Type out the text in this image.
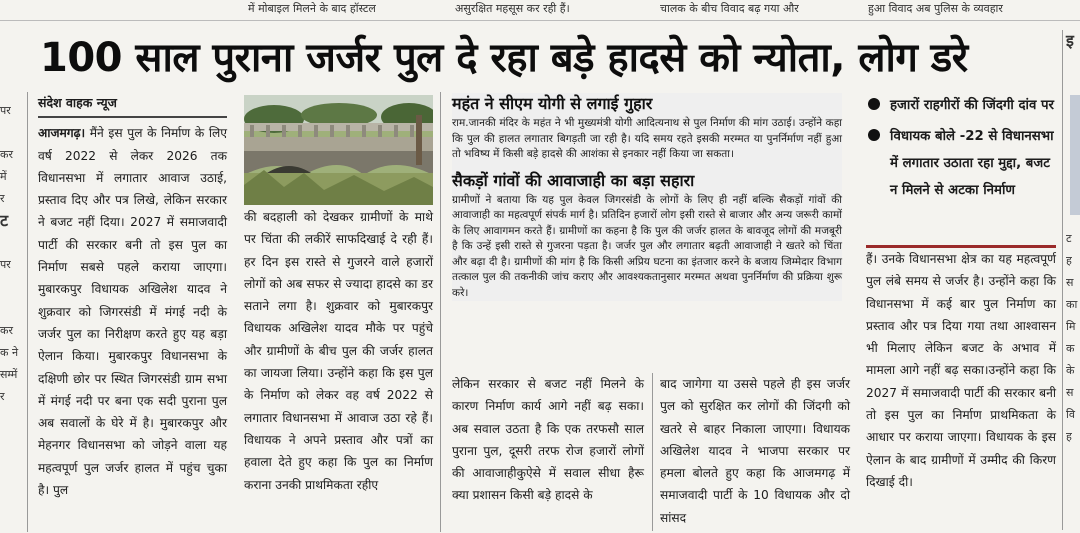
में मोबाइल मिलने के बाद हॉस्टल	असुरक्षित महसूस कर रही हैं।	चालक के बीच विवाद बढ़ गया और	हुआ विवाद अब पुलिस के व्यवहार
100 साल पुराना जर्जर पुल दे रहा बड़े हादसे को न्योता, लोग डरे
पर
कर
में
र
ट
पर
कर
क ने
सम्में
र
संदेश वाहक न्यूज

आजमगढ़। मैंने इस पुल के निर्माण के लिए वर्ष 2022 से लेकर 2026 तक विधानसभा में लगातार आवाज उठाई, प्रस्ताव दिए और पत्र लिखे, लेकिन सरकार ने बजट नहीं दिया। 2027 में समाजवादी पार्टी की सरकार बनी तो इस पुल का निर्माण सबसे पहले कराया जाएगा। मुबारकपुर विधायक अखिलेश यादव ने शुक्रवार को जिगरसंडी में मंगई नदी के जर्जर पुल का निरीक्षण करते हुए यह बड़ा ऐलान किया। मुबारकपुर विधानसभा के दक्षिणी छोर पर स्थित जिगरसंडी ग्राम सभा में मंगई नदी पर बना एक सदी पुराना पुल अब सवालों के घेरे में है। मुबारकपुर और मेहनगर विधानसभा को जोड़ने वाला यह महत्वपूर्ण पुल जर्जर हालत में पहुंच चुका है। पुल

की बदहाली को देखकर ग्रामीणों के माथे पर चिंता की लकीरें साफदिखाई दे रही हैं। हर दिन इस रास्ते से गुजरने वाले हजारों लोगों को अब सफर से ज्यादा हादसे का डर सताने लगा है। शुक्रवार को मुबारकपुर विधायक अखिलेश यादव मौके पर पहुंचे और ग्रामीणों के बीच पुल की जर्जर हालत का जायजा लिया। उन्होंने कहा कि इस पुल के निर्माण को लेकर वह वर्ष 2022 से लगातार विधानसभा में आवाज उठा रहे हैं। विधायक ने अपने प्रस्ताव और पत्रों का हवाला देते हुए कहा कि पुल का निर्माण कराना उनकी प्राथमिकता रहीए

महंत ने सीएम योगी से लगाई गुहार

राम.जानकी मंदिर के महंत ने भी मुख्यमंत्री योगी आदित्यनाथ से पुल निर्माण की मांग उठाई। उन्होंने कहा कि पुल की हालत लगातार बिगड़ती जा रही है। यदि समय रहते इसकी मरम्मत या पुनर्निर्माण नहीं हुआ तो भविष्य में किसी बड़े हादसे की आशंका से इनकार नहीं किया जा सकता।

सैकड़ों गांवों की आवाजाही का बड़ा सहारा

ग्रामीणों ने बताया कि यह पुल केवल जिगरसंडी के लोगों के लिए ही नहीं बल्कि सैकड़ों गांवों की आवाजाही का महत्वपूर्ण संपर्क मार्ग है। प्रतिदिन हजारों लोग इसी रास्ते से बाजार और अन्य जरूरी कामों के लिए आवागमन करते हैं। ग्रामीणों का कहना है कि पुल की जर्जर हालत के बावजूद लोगों की मजबूरी है कि उन्हें इसी रास्ते से गुजरना पड़ता है। जर्जर पुल और लगातार बढ़ती आवाजाही ने खतरे को चिंता और बढ़ा दी है। ग्रामीणों की मांग है कि किसी अप्रिय घटना का इंतजार करने के बजाय जिम्मेदार विभाग तत्काल पुल की तकनीकी जांच कराए और आवश्यकतानुसार मरम्मत अथवा पुनर्निर्माण की प्रक्रिया शुरू करे।

लेकिन सरकार से बजट नहीं मिलने के कारण निर्माण कार्य आगे नहीं बढ़ सका। अब सवाल उठता है कि एक तरफसौ साल पुराना पुल, दूसरी तरफ रोज हजारों लोगों की आवाजाहीकुऐसे में सवाल सीधा हैरू क्या प्रशासन किसी बड़े हादसे के

बाद जागेगा या उससे पहले ही इस जर्जर पुल को सुरक्षित कर लोगों की जिंदगी को खतरे से बाहर निकाला जाएगा। विधायक अखिलेश यादव ने भाजपा सरकार पर हमला बोलते हुए कहा कि आजमगढ़ में समाजवादी पार्टी के 10 विधायक और दो सांसद

हजारों राहगीरों की जिंदगी दांव पर

विधायक बोले -22 से विधानसभा में लगातार उठाता रहा मुद्दा, बजट न मिलने से अटका निर्माण

हैं। उनके विधानसभा क्षेत्र का यह महत्वपूर्ण पुल लंबे समय से जर्जर है। उन्होंने कहा कि विधानसभा में कई बार पुल निर्माण का प्रस्ताव और पत्र दिया गया तथा आश्वासन भी मिलाए लेकिन बजट के अभाव में मामला आगे नहीं बढ़ सका।उन्होंने कहा कि 2027 में समाजवादी पार्टी की सरकार बनी तो इस पुल का निर्माण प्राथमिकता के आधार पर कराया जाएगा। विधायक के इस ऐलान के बाद ग्रामीणों में उम्मीद की किरण दिखाई दी।

इ
ट
ह
स
का
मि
क
के
स
वि
ह
